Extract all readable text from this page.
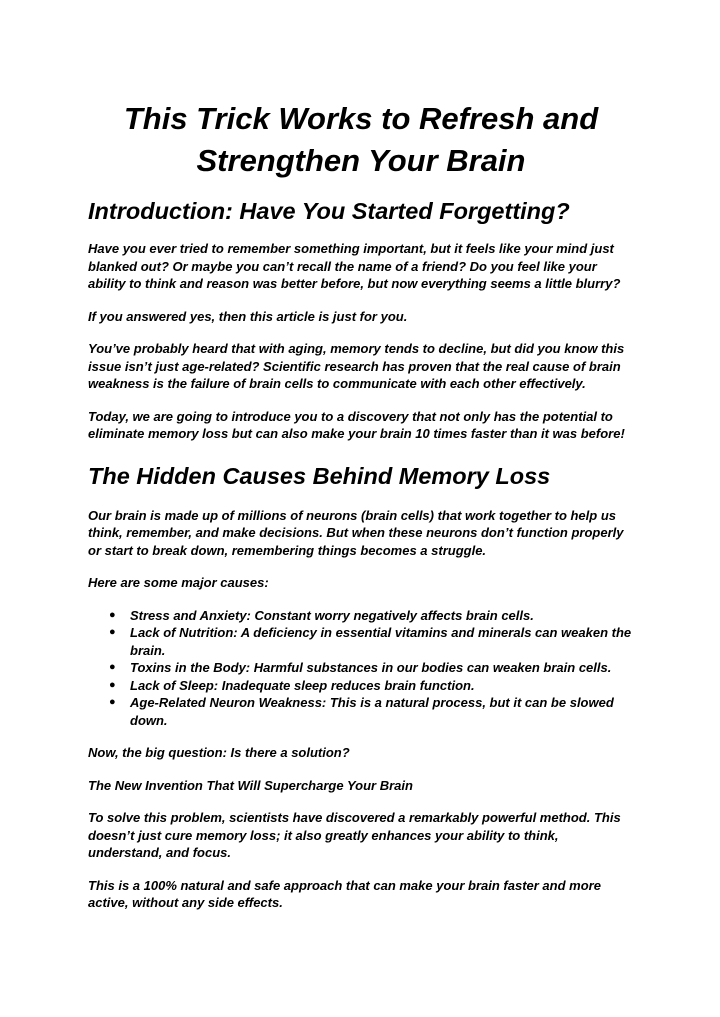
This Trick Works to Refresh and Strengthen Your Brain
Introduction: Have You Started Forgetting?

Have you ever tried to remember something important, but it feels like your mind just blanked out? Or maybe you can’t recall the name of a friend? Do you feel like your ability to think and reason was better before, but now everything seems a little blurry?

If you answered yes, then this article is just for you.

You’ve probably heard that with aging, memory tends to decline, but did you know this issue isn’t just age-related? Scientific research has proven that the real cause of brain weakness is the failure of brain cells to communicate with each other effectively.

Today, we are going to introduce you to a discovery that not only has the potential to eliminate memory loss but can also make your brain 10 times faster than it was before!

The Hidden Causes Behind Memory Loss

Our brain is made up of millions of neurons (brain cells) that work together to help us think, remember, and make decisions. But when these neurons don’t function properly or start to break down, remembering things becomes a struggle.

Here are some major causes:

● Stress and Anxiety: Constant worry negatively affects brain cells.
● Lack of Nutrition: A deficiency in essential vitamins and minerals can weaken the brain.
● Toxins in the Body: Harmful substances in our bodies can weaken brain cells.
● Lack of Sleep: Inadequate sleep reduces brain function.
● Age-Related Neuron Weakness: This is a natural process, but it can be slowed down.

Now, the big question: Is there a solution?

The New Invention That Will Supercharge Your Brain

To solve this problem, scientists have discovered a remarkably powerful method. This doesn’t just cure memory loss; it also greatly enhances your ability to think, understand, and focus.

This is a 100% natural and safe approach that can make your brain faster and more active, without any side effects.
